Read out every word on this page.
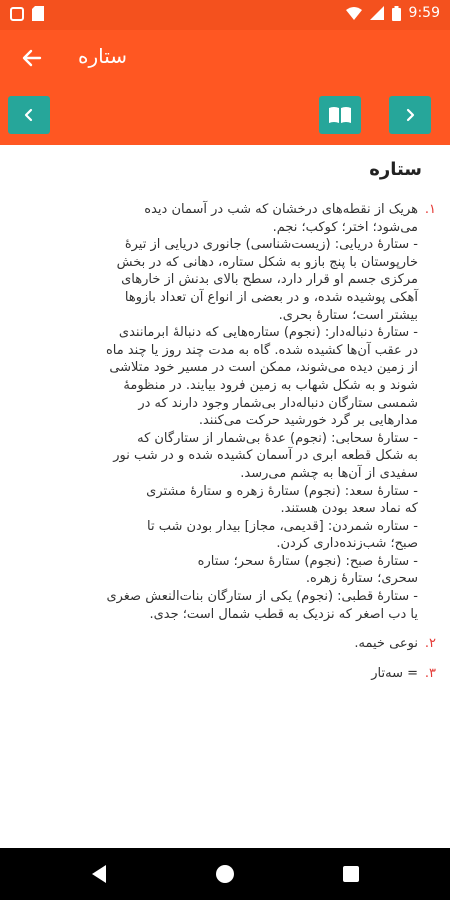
9:59
ستاره
ستاره
۱.
هریک از نقطه‌های درخشان که شب در آسمان دیده
می‌شود؛ اختر؛ کوکب؛ نجم.
- ستارهٔ دریایی: (زیست‌شناسی) جانوری دریایی از تیرهٔ
خارپوستان با پنج بازو به شکل ستاره، دهانی که در بخش
مرکزی جسم او قرار دارد، سطح بالای بدنش از خارهای
آهکی پوشیده شده، و در بعضی از انواع آن تعداد بازوها
بیشتر است؛ ستارهٔ بحری.
- ستارهٔ دنباله‌دار: (نجوم) ستاره‌هایی که دنبالهٔ ابرمانندی
در عقب آن‌ها کشیده شده. گاه به مدت چند روز یا چند ماه
از زمین دیده می‌شوند، ممکن است در مسیر خود متلاشی
شوند و به شکل شهاب به زمین فرود بیایند. در منظومهٔ
شمسی ستارگان دنباله‌دار بی‌شمار وجود دارند که در
مدارهایی بر گرد خورشید حرکت می‌کنند.
- ستارهٔ سحابی: (نجوم) عدهٔ بی‌شمار از ستارگان که
به شکل قطعه ابری در آسمان کشیده شده و در شب نور
سفیدی از آن‌ها به چشم می‌رسد.
- ستارهٔ سعد: (نجوم) ستارهٔ زهره و ستارهٔ مشتری
که نماد سعد بودن هستند.
- ستاره شمردن: [قدیمی، مجاز] بیدار بودن شب تا
صبح؛ شب‌زنده‌داری کردن.
- ستارهٔ صبح: (نجوم) ستارهٔ سحر؛ ستاره
سحری؛ ستارهٔ زهره.
- ستارهٔ قطبی: (نجوم) یکی از ستارگان بنات‌النعش صغری
یا دب اصغر که نزدیک به قطب شمال است؛ جدی.
۲.
نوعی خیمه.
۳.
= سه‌تار
